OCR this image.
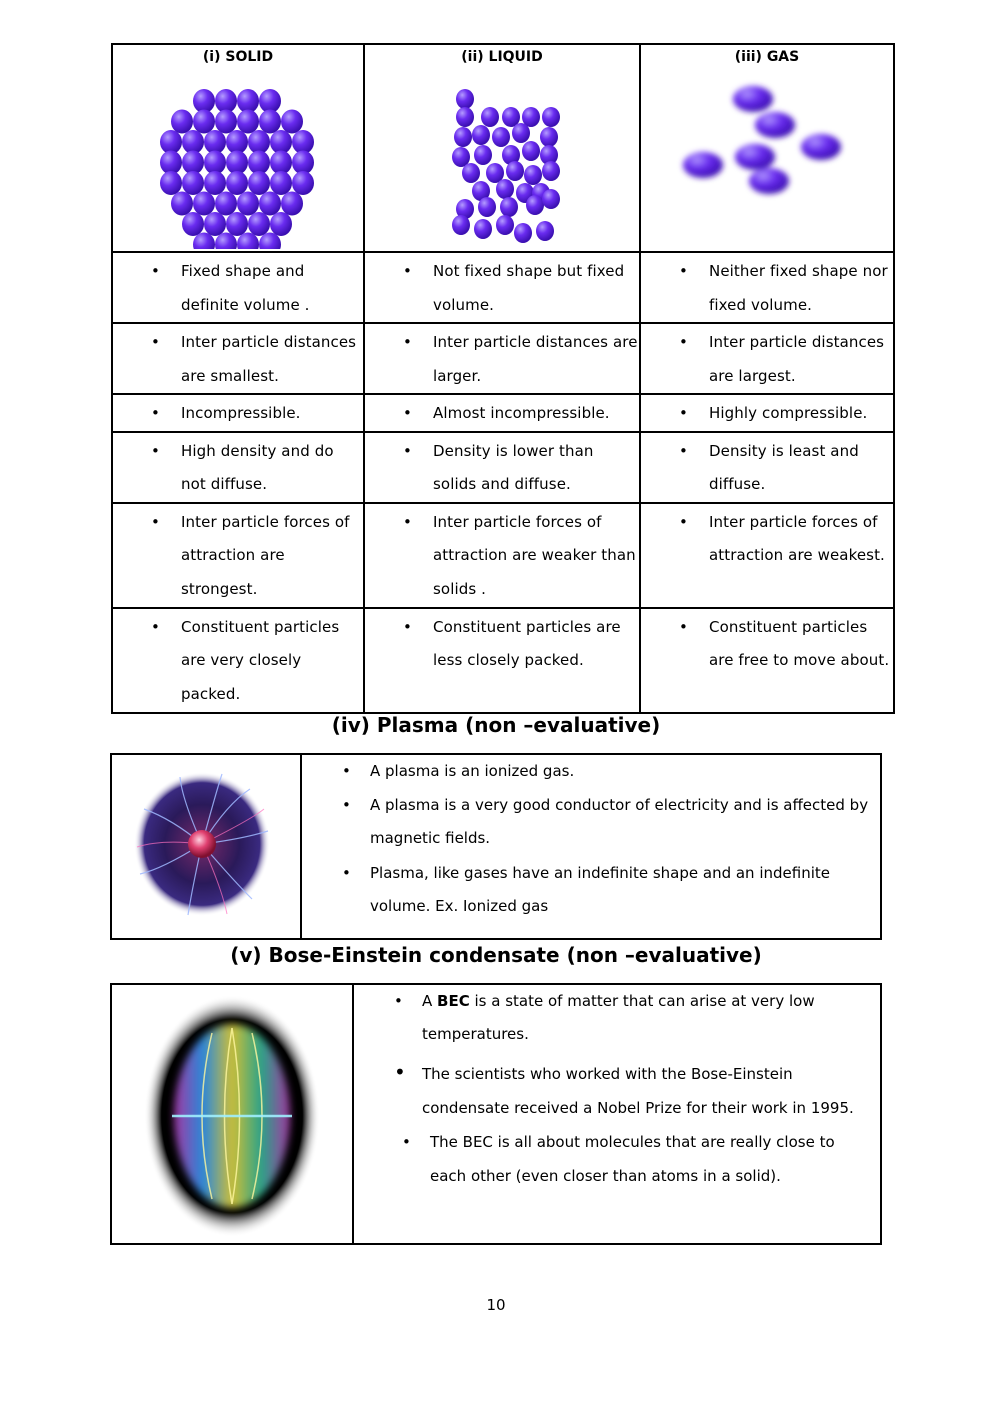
(i) SOLID	(ii) LIQUID	(iii) GAS

• Fixed shape and definite volume .	• Not fixed shape but fixed volume.	• Neither fixed shape nor fixed volume.

• Inter particle distances are smallest.	• Inter particle distances are larger.	• Inter particle distances are largest.

• Incompressible.	• Almost incompressible.	• Highly compressible.

• High density and do not diffuse.	• Density is lower than solids and diffuse.	• Density is least and diffuse.

• Inter particle forces of attraction are strongest.	• Inter particle forces of attraction are weaker than solids .	• Inter particle forces of attraction are weakest.

• Constituent particles are very closely packed.	• Constituent particles are less closely packed.	• Constituent particles are free to move about.
(iv) Plasma (non –evaluative)
• A plasma is an ionized gas.
• A plasma is a very good conductor of electricity and is affected by magnetic fields.
• Plasma, like gases have an indefinite shape and an indefinite volume. Ex. Ionized gas
(v) Bose-Einstein condensate (non –evaluative)
• A BEC is a state of matter that can arise at very low temperatures.
• The scientists who worked with the Bose-Einstein condensate received a Nobel Prize for their work in 1995.
• The BEC is all about molecules that are really close to each other (even closer than atoms in a solid).
10
